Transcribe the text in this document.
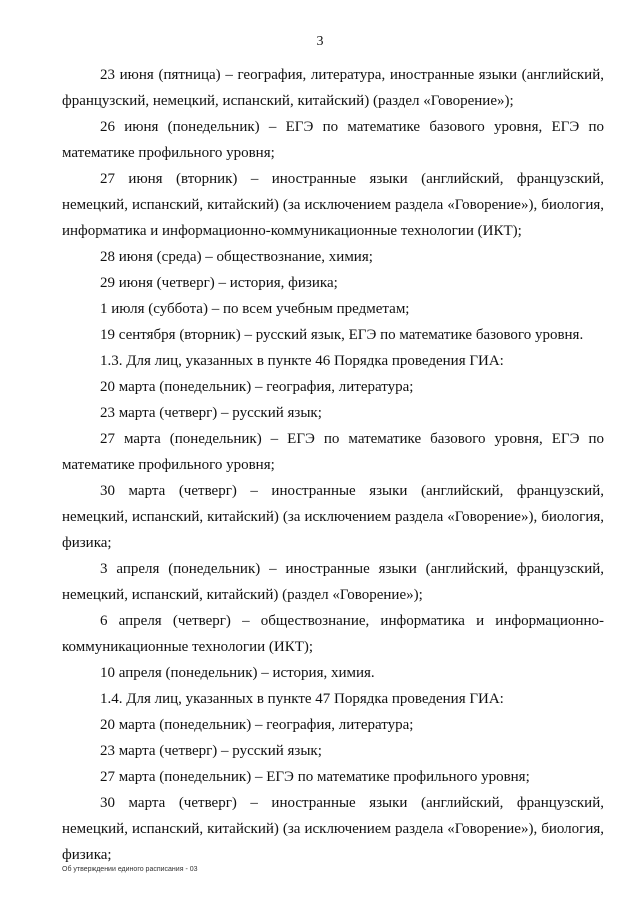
3

23 июня (пятница) – география, литература, иностранные языки (английский, французский, немецкий, испанский, китайский) (раздел «Говорение»);

26 июня (понедельник) – ЕГЭ по математике базового уровня, ЕГЭ по математике профильного уровня;

27 июня (вторник) – иностранные языки (английский, французский, немецкий, испанский, китайский) (за исключением раздела «Говорение»), биология, информатика и информационно-коммуникационные технологии (ИКТ);

28 июня (среда) – обществознание, химия;

29 июня (четверг) – история, физика;

1 июля (суббота) – по всем учебным предметам;

19 сентября (вторник) – русский язык, ЕГЭ по математике базового уровня.

1.3. Для лиц, указанных в пункте 46 Порядка проведения ГИА:

20 марта (понедельник) – география, литература;

23 марта (четверг) – русский язык;

27 марта (понедельник) – ЕГЭ по математике базового уровня, ЕГЭ по математике профильного уровня;

30 марта (четверг) – иностранные языки (английский, французский, немецкий, испанский, китайский) (за исключением раздела «Говорение»), биология, физика;

3 апреля (понедельник) – иностранные языки (английский, французский, немецкий, испанский, китайский) (раздел «Говорение»);

6 апреля (четверг) – обществознание, информатика и информационно-коммуникационные технологии (ИКТ);

10 апреля (понедельник) – история, химия.

1.4. Для лиц, указанных в пункте 47 Порядка проведения ГИА:

20 марта (понедельник) – география, литература;

23 марта (четверг) – русский язык;

27 марта (понедельник) – ЕГЭ по математике профильного уровня;

30 марта (четверг) – иностранные языки (английский, французский, немецкий, испанский, китайский) (за исключением раздела «Говорение»), биология, физика;

Об утверждении единого расписания - 03
